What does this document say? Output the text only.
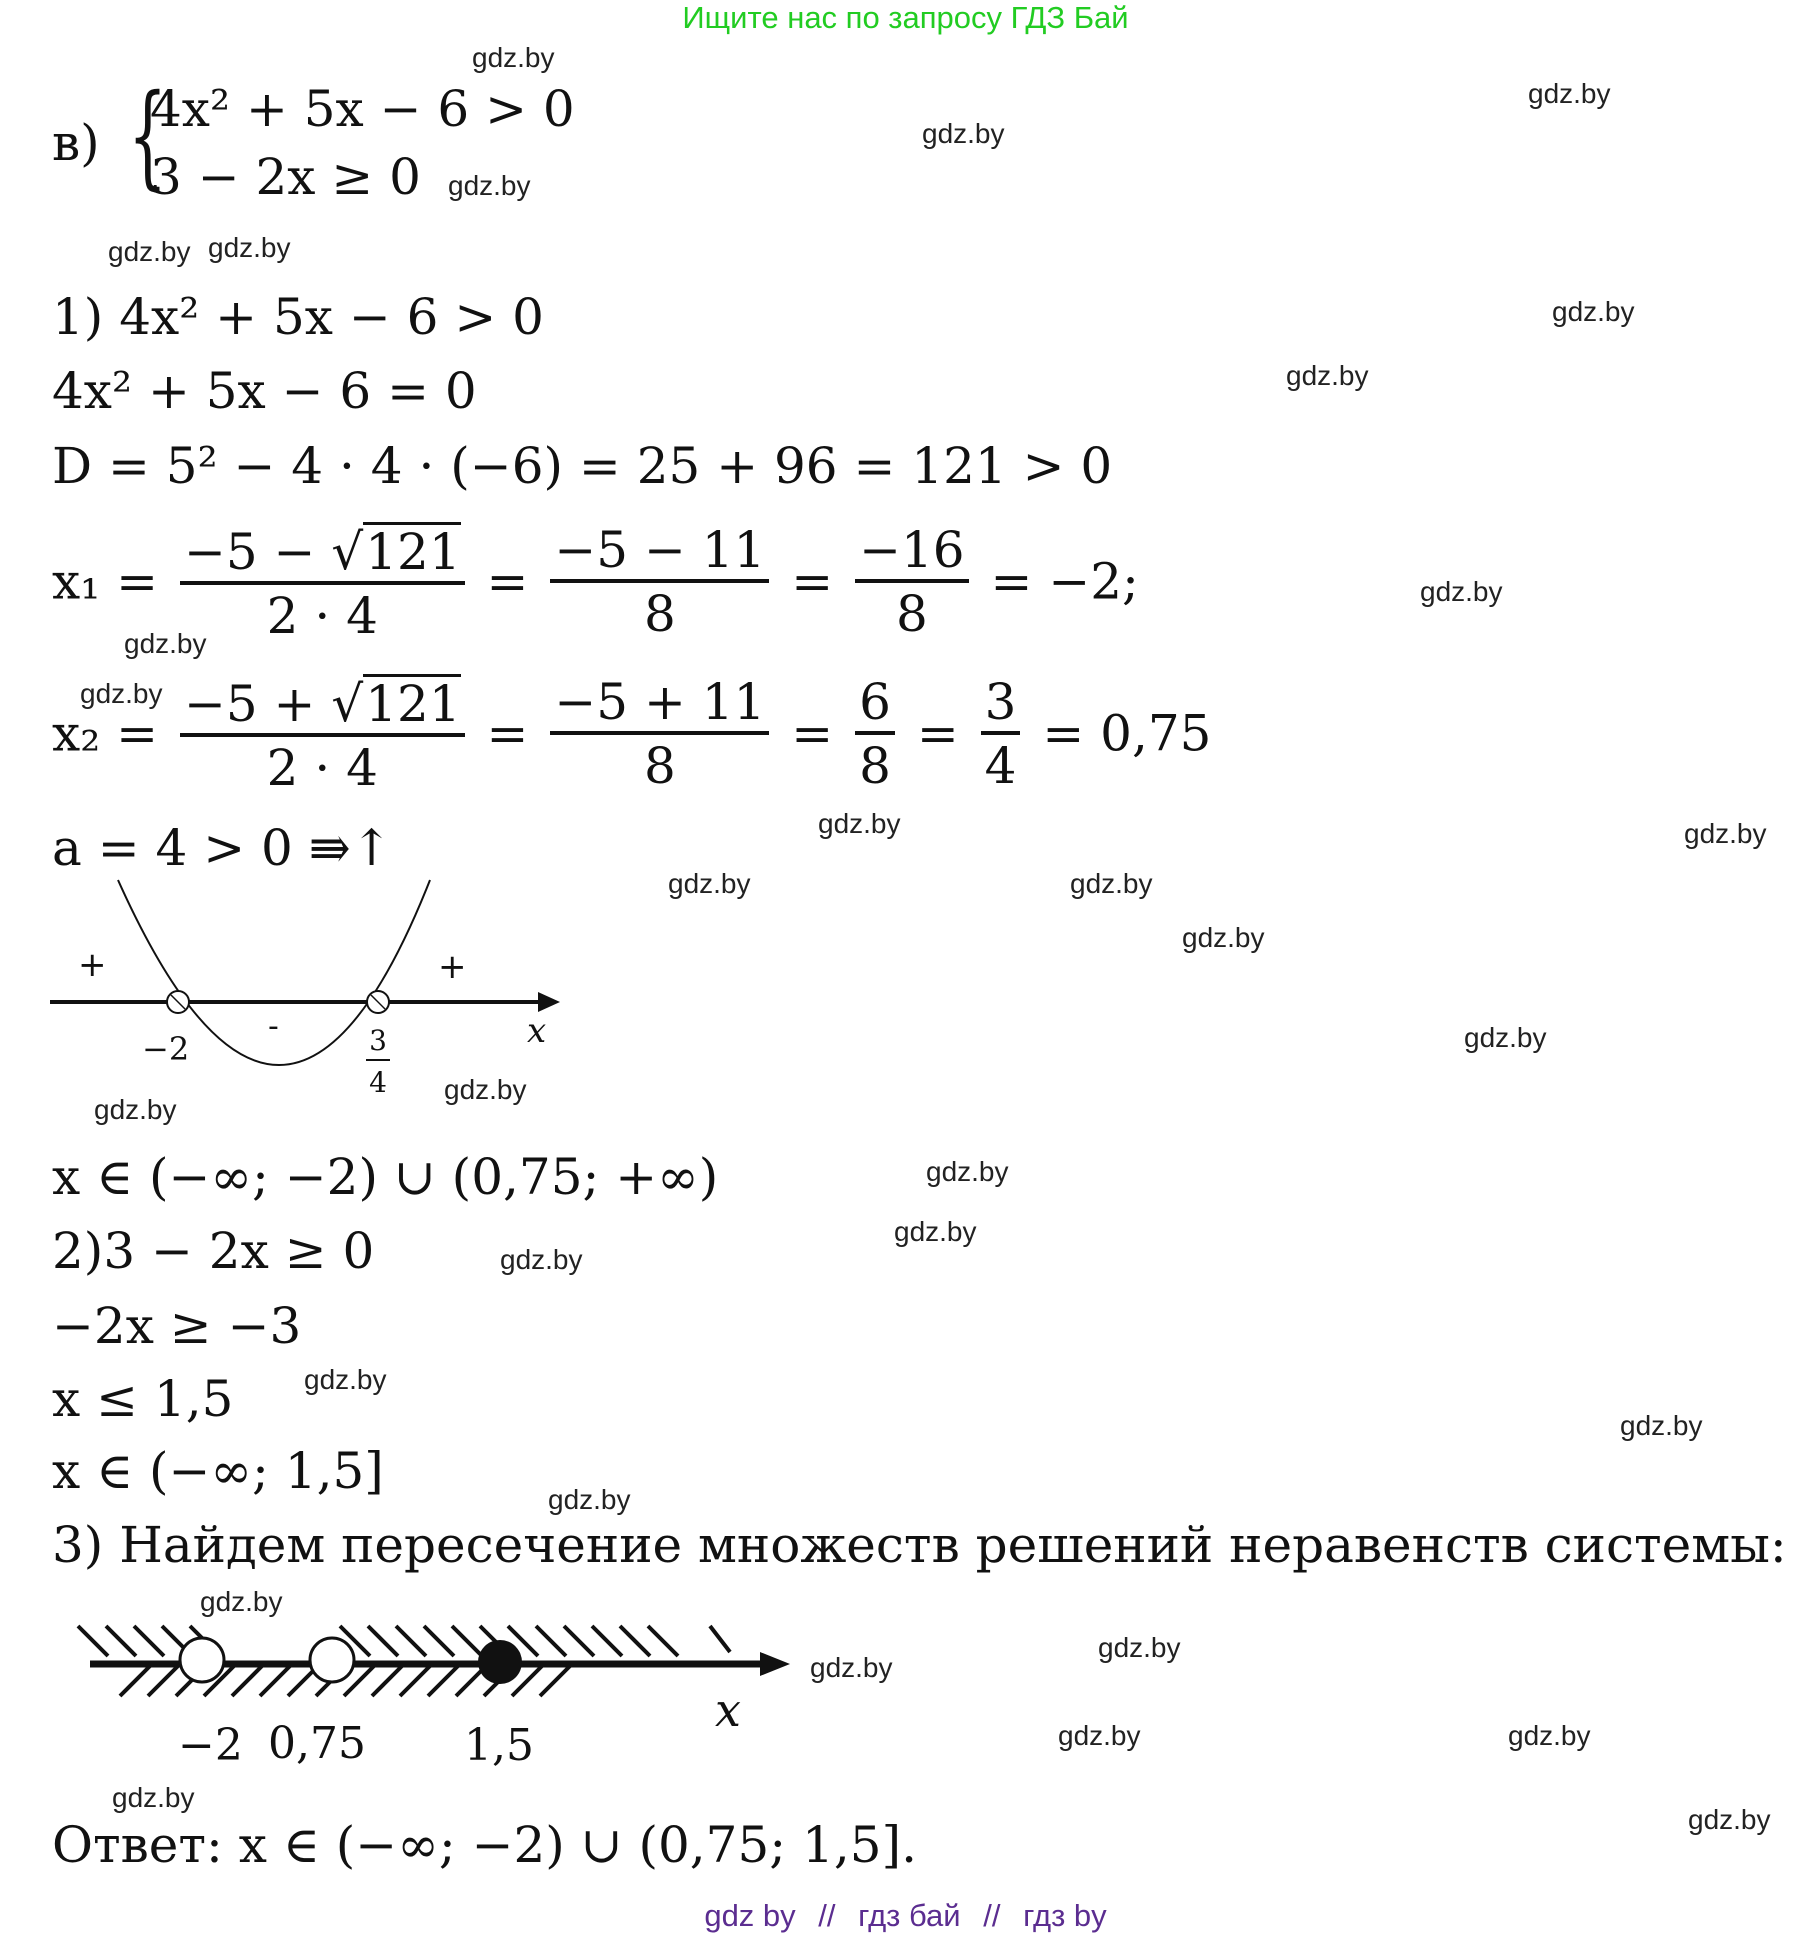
Ищите нас по запросу ГДЗ Бай
в) {
4x² + 5x − 6 > 0
3 − 2x ≥ 0
1) 4x² + 5x − 6 > 0
4x² + 5x − 6 = 0
D = 5² − 4 · 4 · (−6) = 25 + 96 = 121 > 0
$x_1 = \frac{-5 - √121}{2 \cdot 4} = \frac{-5 - 11}{8} = \frac{-16}{8} = -2$;
$x_2 = \frac{-5 + √121}{2 \cdot 4} = \frac{-5 + 11}{8} = \frac{6}{8} = \frac{3}{4} = 0,75$
a = 4 > 0 ⇛↑
+	+
-	x
−2	3
4
x ∈ (−∞; −2) ∪ (0,75; +∞)
2)3 − 2x ≥ 0
−2x ≥ −3
x ≤ 1,5
x ∈ (−∞; 1,5]
3) Найдем пересечение множеств решений неравенств системы:
x
−2 0,75 1,5
Ответ: x ∈ (−∞; −2) ∪ (0,75; 1,5].
gdz.by
gdz.by
gdz.by
gdz.by
gdz.by gdz.by
gdz.by
gdz.by
gdz.by
gdz.by
gdz.by
gdz.by	gdz.by
gdz.by	gdz.by
gdz.by
gdz.by
gdz.by
gdz.by
gdz.by
gdz.by
gdz.by
gdz.by
gdz.by
gdz.by
gdz.by
gdz.by
gdz.by
gdz.by	gdz.by
gdz.by
gdz.by
gdz by // гдз бай // гдз by
